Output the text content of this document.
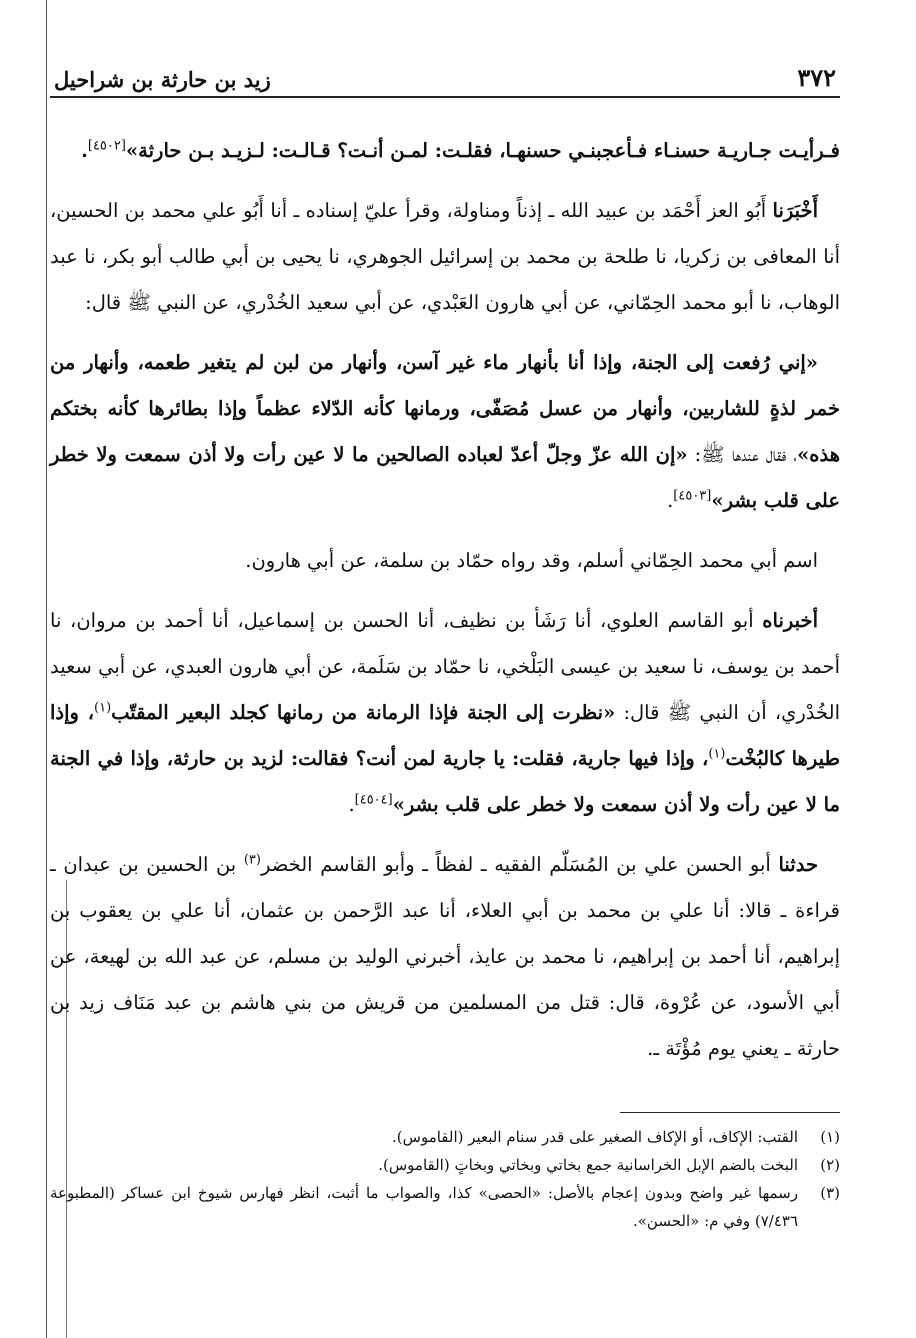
٣٧٢
زيد بن حارثة بن شراحيل

فـرأيـت جـاريـة حسنـاء فـأعجبنـي حسنهـا، فقلـت: لمـن أنـت؟ قـالـت: لـزيـد بـن حارثة»[٤٥٠٢].

أَخْبَرَنا أَبُو العز أَحْمَد بن عبيد الله ـ إذناً ومناولة، وقرأ عليّ إسناده ـ أنا أَبُو علي محمد بن الحسين، أنا المعافى بن زكريا، نا طلحة بن محمد بن إسرائيل الجوهري، نا يحيى بن أبي طالب أبو بكر، نا عبد الوهاب، نا أبو محمد الحِمّاني، عن أبي هارون العَبْدي، عن أبي سعيد الخُدْري، عن النبي ﷺ قال:

«إني رُفعت إلى الجنة، وإذا أنا بأنهار ماء غير آسن، وأنهار من لبن لم يتغير طعمه، وأنهار من خمر لذةٍ للشاربين، وأنهار من عسل مُصَفّى، ورمانها كأنه الدّلاء عظماً وإذا بطائرها كأنه بختكم هذه»، فقال عندها ﷺ: «إن الله عزّ وجلّ أعدّ لعباده الصالحين ما لا عين رأت ولا أذن سمعت ولا خطر على قلب بشر»[٤٥٠٣].

اسم أبي محمد الحِمّاني أسلم، وقد رواه حمّاد بن سلمة، عن أبي هارون.

أخبرناه أبو القاسم العلوي، أنا رَشَأ بن نظيف، أنا الحسن بن إسماعيل، أنا أحمد بن مروان، نا أحمد بن يوسف، نا سعيد بن عيسى البَلْخي، نا حمّاد بن سَلَمة، عن أبي هارون العبدي، عن أبي سعيد الخُدْري، أن النبي ﷺ قال: «نظرت إلى الجنة فإذا الرمانة من رمانها كجلد البعير المقتّب$^{(١)}$، وإذا طيرها كالبُخْت$^{(١)}$، وإذا فيها جارية، فقلت: يا جارية لمن أنت؟ فقالت: لزيد بن حارثة، وإذا في الجنة ما لا عين رأت ولا أذن سمعت ولا خطر على قلب بشر»[٤٥٠٤].

حدثنا أبو الحسن علي بن المُسَلّم الفقيه ـ لفظاً ـ وأبو القاسم الخضر$^{(٣)}$ بن الحسين بن عبدان ـ قراءة ـ قالا: أنا علي بن محمد بن أبي العلاء، أنا عبد الرَّحمن بن عثمان، أنا علي بن يعقوب بن إبراهيم، أنا أحمد بن إبراهيم، نا محمد بن عايذ، أخبرني الوليد بن مسلم، عن عبد الله بن لهيعة، عن أبي الأسود، عن عُرْوة، قال: قتل من المسلمين من قريش من بني هاشم بن عبد مَنَاف زيد بن حارثة ـ يعني يوم مُؤْتَة ـ.

(١)
القتب: الإكاف، أو الإكاف الصغير على قدر سنام البعير (القاموس).

(٢)
البخت بالضم الإبل الخراسانية جمع بخاتي وبخاتي وبخاتٍ (القاموس).

(٣)
رسمها غير واضح وبدون إعجام بالأصل: «الحصى» كذا، والصواب ما أثبت، انظر فهارس شيوخ ابن عساكر (المطبوعة ٧/٤٣٦) وفي م: «الحسن».
